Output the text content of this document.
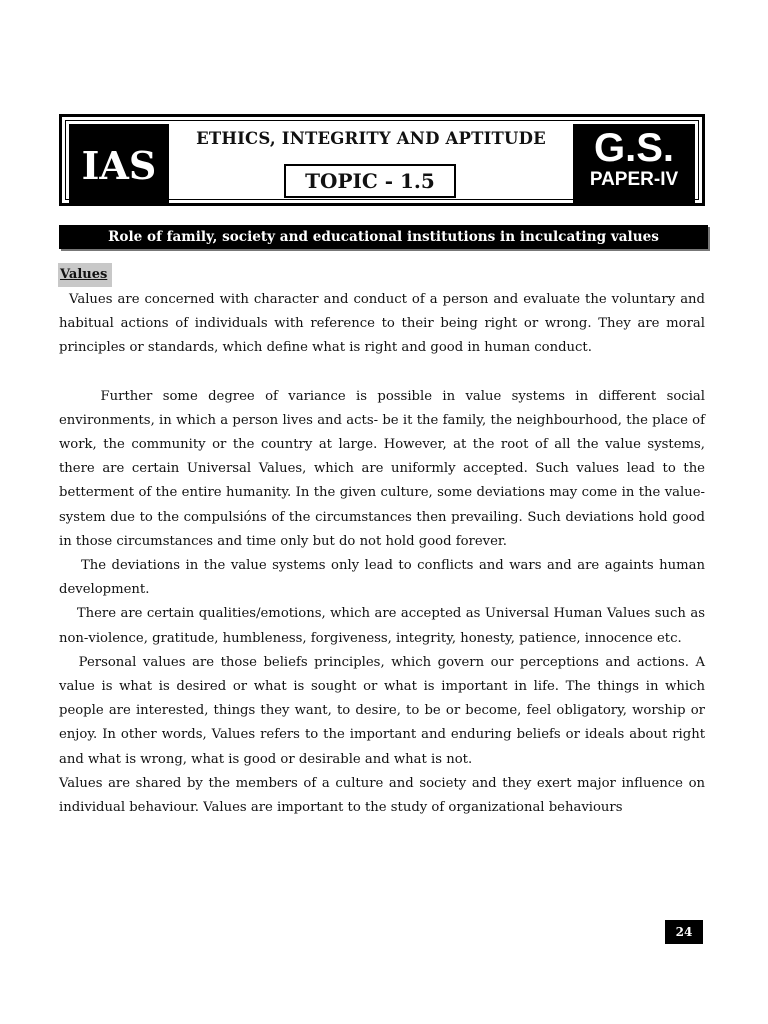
IAS
ETHICS, INTEGRITY AND APTITUDE
TOPIC - 1.5
G.S.
PAPER-IV
Role of family, society and educational institutions in inculcating values
Values

Values are concerned with character and conduct of a person and evaluate the voluntary and habitual actions of individuals with reference to their being right or wrong. They are moral principles or standards, which define what is right and good in human conduct.

Further some degree of variance is possible in value systems in different social environments, in which a person lives and acts- be it the family, the neighbourhood, the place of work, the community or the country at large. However, at the root of all the value systems, there are certain Universal Values, which are uniformly accepted. Such values lead to the betterment of the entire humanity. In the given culture, some deviations may come in the value-system due to the compulsións of the circumstances then prevailing. Such deviations hold good in those circumstances and time only but do not hold good forever.

The deviations in the value systems only lead to conflicts and wars and are againts human development.

There are certain qualities/emotions, which are accepted as Universal Human Values such as non-violence, gratitude, humbleness, forgiveness, integrity, honesty, patience, innocence etc.

Personal values are those beliefs principles, which govern our perceptions and actions. A value is what is desired or what is sought or what is important in life. The things in which people are interested, things they want, to desire, to be or become, feel obligatory, worship or enjoy. In other words, Values refers to the important and enduring beliefs or ideals about right and what is wrong, what is good or desirable and what is not.

Values are shared by the members of a culture and society and they exert major influence on individual behaviour. Values are important to the study of organizational behaviours

24
